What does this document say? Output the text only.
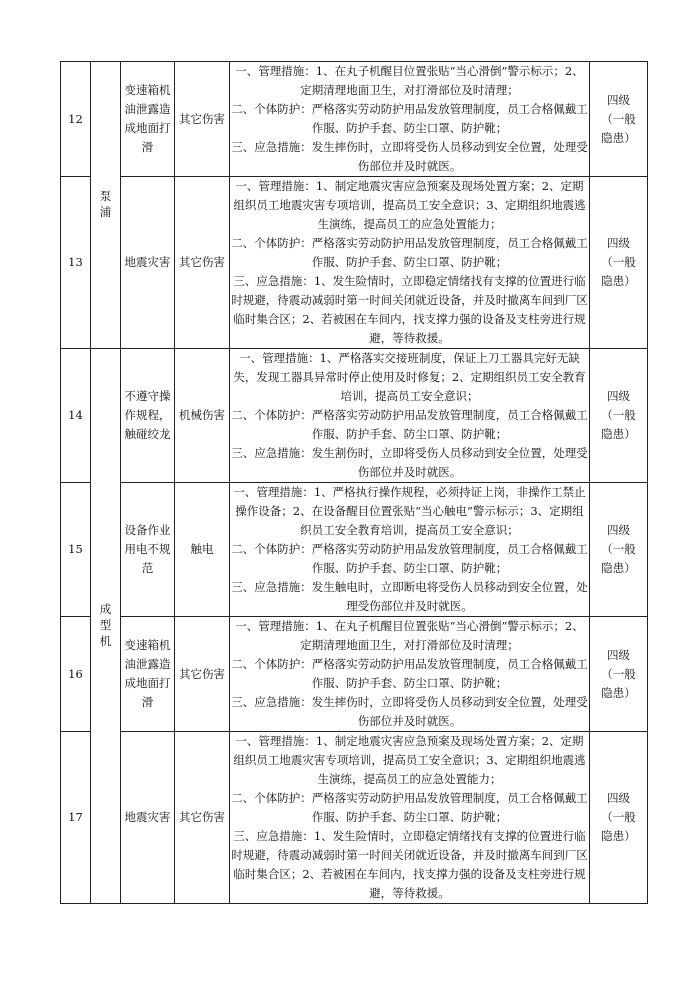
12	泵浦	变速箱机油泄露造成地面打滑	其它伤害	一、管理措施：1、在丸子机醒目位置张贴“当心滑倒”警示标示；2、定期清理地面卫生，对打滑部位及时清理；
二、个体防护：严格落实劳动防护用品发放管理制度，员工合格佩戴工作服、防护手套、防尘口罩、防护靴；
三、应急措施：发生摔伤时，立即将受伤人员移动到安全位置，处理受伤部位并及时就医。	四级（一般隐患）
13		地震灾害	其它伤害	一、管理措施：1、制定地震灾害应急预案及现场处置方案；2、定期组织员工地震灾害专项培训，提高员工安全意识；3、定期组织地震逃生演练，提高员工的应急处置能力；
二、个体防护：严格落实劳动防护用品发放管理制度，员工合格佩戴工作服、防护手套、防尘口罩、防护靴；
三、应急措施：1、发生险情时，立即稳定情绪找有支撑的位置进行临时规避，待震动减弱时第一时间关闭就近设备，并及时撤离车间到厂区临时集合区；2、若被困在车间内，找支撑力强的设备及支柱旁进行规避，等待救援。	四级（一般隐患）
14	成型机	不遵守操作规程，触碰绞龙	机械伤害	一、管理措施：1、严格落实交接班制度，保证上刀工器具完好无缺失，发现工器具异常时停止使用及时修复；2、定期组织员工安全教育培训，提高员工安全意识；
二、个体防护：严格落实劳动防护用品发放管理制度，员工合格佩戴工作服、防护手套、防尘口罩、防护靴；
三、应急措施：发生割伤时，立即将受伤人员移动到安全位置，处理受伤部位并及时就医。	四级（一般隐患）
15		设备作业用电不规范	触电	一、管理措施：1、严格执行操作规程，必须持证上岗，非操作工禁止操作设备；2、在设备醒目位置张贴“当心触电”警示标示；3、定期组织员工安全教育培训，提高员工安全意识；
二、个体防护：严格落实劳动防护用品发放管理制度，员工合格佩戴工作服、防护手套、防尘口罩、防护靴；
三、应急措施：发生触电时，立即断电将受伤人员移动到安全位置，处理受伤部位并及时就医。	四级（一般隐患）
16		变速箱机油泄露造成地面打滑	其它伤害	一、管理措施：1、在丸子机醒目位置张贴“当心滑倒”警示标示；2、定期清理地面卫生，对打滑部位及时清理；
二、个体防护：严格落实劳动防护用品发放管理制度，员工合格佩戴工作服、防护手套、防尘口罩、防护靴；
三、应急措施：发生摔伤时，立即将受伤人员移动到安全位置，处理受伤部位并及时就医。	四级（一般隐患）
17		地震灾害	其它伤害	一、管理措施：1、制定地震灾害应急预案及现场处置方案；2、定期组织员工地震灾害专项培训，提高员工安全意识；3、定期组织地震逃生演练，提高员工的应急处置能力；
二、个体防护：严格落实劳动防护用品发放管理制度，员工合格佩戴工作服、防护手套、防尘口罩、防护靴；
三、应急措施：1、发生险情时，立即稳定情绪找有支撑的位置进行临时规避，待震动减弱时第一时间关闭就近设备，并及时撤离车间到厂区临时集合区；2、若被困在车间内，找支撑力强的设备及支柱旁进行规避，等待救援。	四级（一般隐患）
